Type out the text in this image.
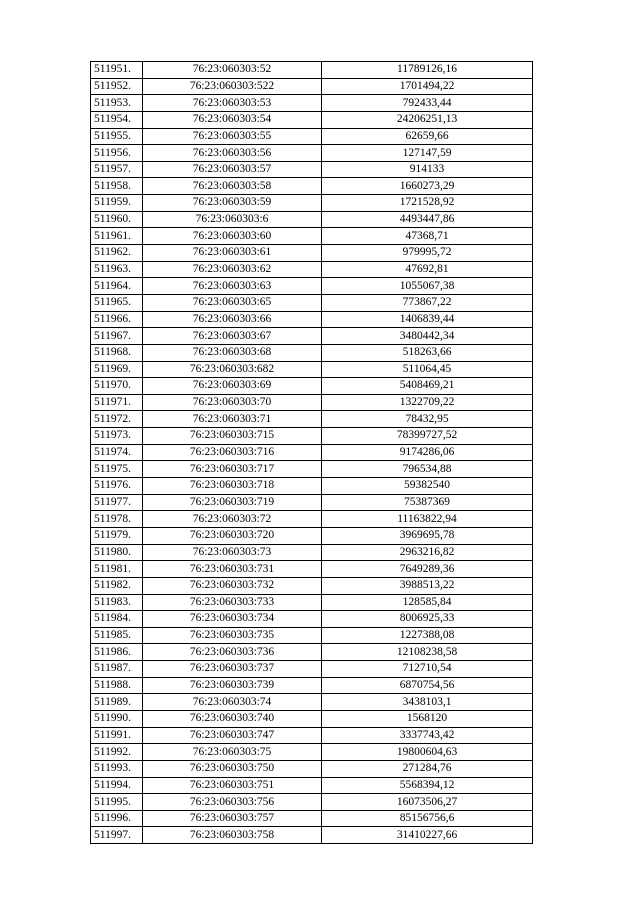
511951.	76:23:060303:52	11789126,16
511952.	76:23:060303:522	1701494,22
511953.	76:23:060303:53	792433,44
511954.	76:23:060303:54	24206251,13
511955.	76:23:060303:55	62659,66
511956.	76:23:060303:56	127147,59
511957.	76:23:060303:57	914133
511958.	76:23:060303:58	1660273,29
511959.	76:23:060303:59	1721528,92
511960.	76:23:060303:6	4493447,86
511961.	76:23:060303:60	47368,71
511962.	76:23:060303:61	979995,72
511963.	76:23:060303:62	47692,81
511964.	76:23:060303:63	1055067,38
511965.	76:23:060303:65	773867,22
511966.	76:23:060303:66	1406839,44
511967.	76:23:060303:67	3480442,34
511968.	76:23:060303:68	518263,66
511969.	76:23:060303:682	511064,45
511970.	76:23:060303:69	5408469,21
511971.	76:23:060303:70	1322709,22
511972.	76:23:060303:71	78432,95
511973.	76:23:060303:715	78399727,52
511974.	76:23:060303:716	9174286,06
511975.	76:23:060303:717	796534,88
511976.	76:23:060303:718	59382540
511977.	76:23:060303:719	75387369
511978.	76:23:060303:72	11163822,94
511979.	76:23:060303:720	3969695,78
511980.	76:23:060303:73	2963216,82
511981.	76:23:060303:731	7649289,36
511982.	76:23:060303:732	3988513,22
511983.	76:23:060303:733	128585,84
511984.	76:23:060303:734	8006925,33
511985.	76:23:060303:735	1227388,08
511986.	76:23:060303:736	12108238,58
511987.	76:23:060303:737	712710,54
511988.	76:23:060303:739	6870754,56
511989.	76:23:060303:74	3438103,1
511990.	76:23:060303:740	1568120
511991.	76:23:060303:747	3337743,42
511992.	76:23:060303:75	19800604,63
511993.	76:23:060303:750	271284,76
511994.	76:23:060303:751	5568394,12
511995.	76:23:060303:756	16073506,27
511996.	76:23:060303:757	85156756,6
511997.	76:23:060303:758	31410227,66
